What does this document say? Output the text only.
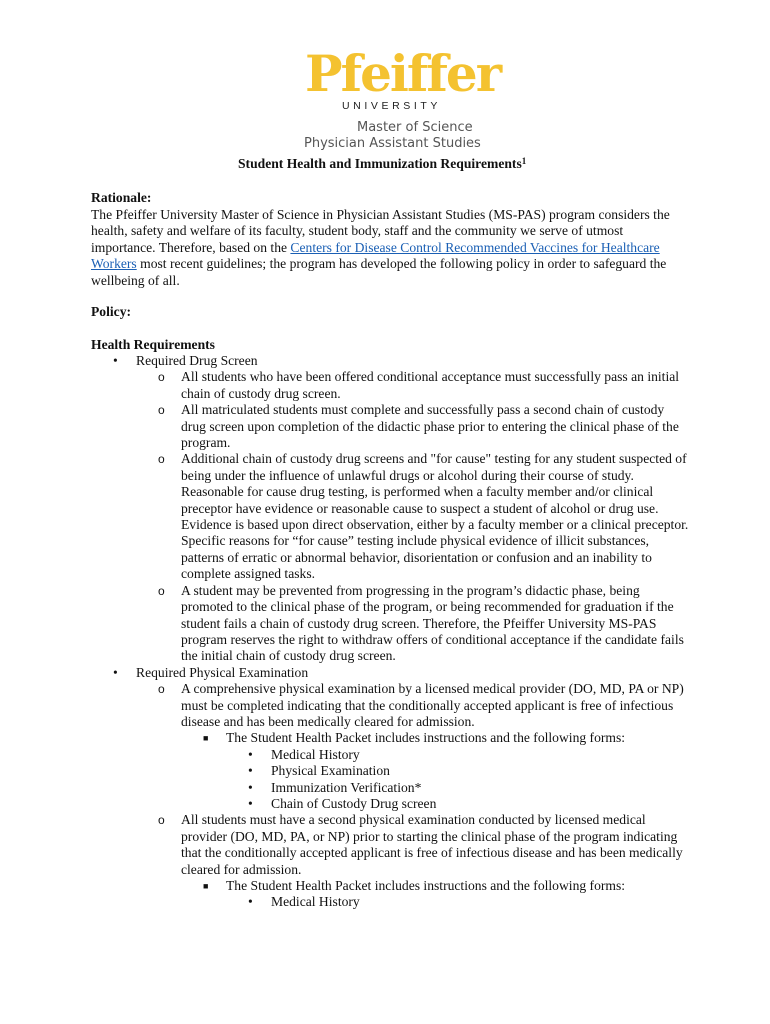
Pfeiffer
UNIVERSITY
Master of Science
Physician Assistant Studies
Student Health and Immunization Requirements$^1$
Rationale:
The Pfeiffer University Master of Science in Physician Assistant Studies (MS-PAS) program considers the health, safety and welfare of its faculty, student body, staff and the community we serve of utmost importance. Therefore, based on the Centers for Disease Control Recommended Vaccines for Healthcare Workers most recent guidelines; the program has developed the following policy in order to safeguard the wellbeing of all.
Policy:
Health Requirements
• Required Drug Screen
o All students who have been offered conditional acceptance must successfully pass an initial chain of custody drug screen.
o All matriculated students must complete and successfully pass a second chain of custody drug screen upon completion of the didactic phase prior to entering the clinical phase of the program.
o Additional chain of custody drug screens and "for cause" testing for any student suspected of being under the influence of unlawful drugs or alcohol during their course of study. Reasonable for cause drug testing, is performed when a faculty member and/or clinical preceptor have evidence or reasonable cause to suspect a student of alcohol or drug use. Evidence is based upon direct observation, either by a faculty member or a clinical preceptor. Specific reasons for “for cause” testing include physical evidence of illicit substances, patterns of erratic or abnormal behavior, disorientation or confusion and an inability to complete assigned tasks.
o A student may be prevented from progressing in the program’s didactic phase, being promoted to the clinical phase of the program, or being recommended for graduation if the student fails a chain of custody drug screen. Therefore, the Pfeiffer University MS-PAS program reserves the right to withdraw offers of conditional acceptance if the candidate fails the initial chain of custody drug screen.
• Required Physical Examination
o A comprehensive physical examination by a licensed medical provider (DO, MD, PA or NP) must be completed indicating that the conditionally accepted applicant is free of infectious disease and has been medically cleared for admission.
■ The Student Health Packet includes instructions and the following forms:
• Medical History
• Physical Examination
• Immunization Verification*
• Chain of Custody Drug screen
o All students must have a second physical examination conducted by licensed medical provider (DO, MD, PA, or NP) prior to starting the clinical phase of the program indicating that the conditionally accepted applicant is free of infectious disease and has been medically cleared for admission.
■ The Student Health Packet includes instructions and the following forms:
• Medical History
